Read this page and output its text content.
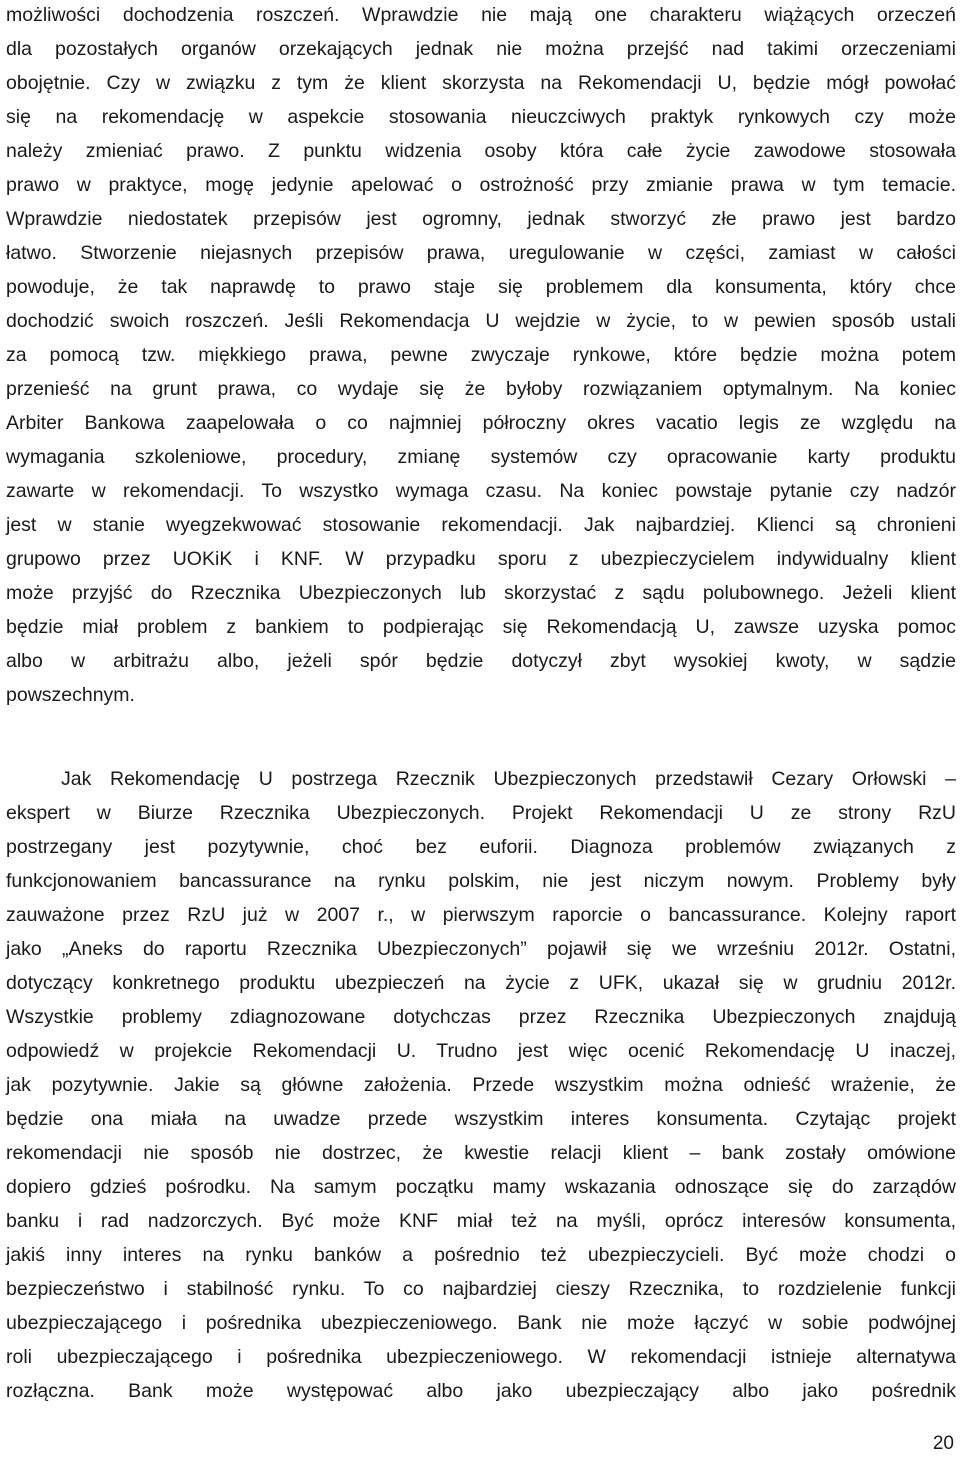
możliwości dochodzenia roszczeń. Wprawdzie nie mają one charakteru wiążących orzeczeń
dla pozostałych organów orzekających jednak nie można przejść nad takimi orzeczeniami
obojętnie. Czy w związku z tym że klient skorzysta na Rekomendacji U, będzie mógł powołać
się na rekomendację w aspekcie stosowania nieuczciwych praktyk rynkowych czy może
należy zmieniać prawo. Z punktu widzenia osoby która całe życie zawodowe stosowała
prawo w praktyce, mogę jedynie apelować o ostrożność przy zmianie prawa w tym temacie.
Wprawdzie niedostatek przepisów jest ogromny, jednak stworzyć złe prawo jest bardzo
łatwo. Stworzenie niejasnych przepisów prawa, uregulowanie w części, zamiast w całości
powoduje, że tak naprawdę to prawo staje się problemem dla konsumenta, który chce
dochodzić swoich roszczeń. Jeśli Rekomendacja U wejdzie w życie, to w pewien sposób ustali
za pomocą tzw. miękkiego prawa, pewne zwyczaje rynkowe, które będzie można potem
przenieść na grunt prawa, co wydaje się że byłoby rozwiązaniem optymalnym. Na koniec
Arbiter Bankowa zaapelowała o co najmniej półroczny okres vacatio legis ze względu na
wymagania szkoleniowe, procedury, zmianę systemów czy opracowanie karty produktu
zawarte w rekomendacji. To wszystko wymaga czasu. Na koniec powstaje pytanie czy nadzór
jest w stanie wyegzekwować stosowanie rekomendacji. Jak najbardziej. Klienci są chronieni
grupowo przez UOKiK i KNF. W przypadku sporu z ubezpieczycielem indywidualny klient
może przyjść do Rzecznika Ubezpieczonych lub skorzystać z sądu polubownego. Jeżeli klient
będzie miał problem z bankiem to podpierając się Rekomendacją U, zawsze uzyska pomoc
albo w arbitrażu albo, jeżeli spór będzie dotyczył zbyt wysokiej kwoty, w sądzie
powszechnym.

Jak Rekomendację U postrzega Rzecznik Ubezpieczonych przedstawił Cezary Orłowski –
ekspert w Biurze Rzecznika Ubezpieczonych. Projekt Rekomendacji U ze strony RzU
postrzegany jest pozytywnie, choć bez euforii. Diagnoza problemów związanych z
funkcjonowaniem bancassurance na rynku polskim, nie jest niczym nowym. Problemy były
zauważone przez RzU już w 2007 r., w pierwszym raporcie o bancassurance. Kolejny raport
jako „Aneks do raportu Rzecznika Ubezpieczonych” pojawił się we wrześniu 2012r. Ostatni,
dotyczący konkretnego produktu ubezpieczeń na życie z UFK, ukazał się w grudniu 2012r.
Wszystkie problemy zdiagnozowane dotychczas przez Rzecznika Ubezpieczonych znajdują
odpowiedź w projekcie Rekomendacji U. Trudno jest więc ocenić Rekomendację U inaczej,
jak pozytywnie. Jakie są główne założenia. Przede wszystkim można odnieść wrażenie, że
będzie ona miała na uwadze przede wszystkim interes konsumenta. Czytając projekt
rekomendacji nie sposób nie dostrzec, że kwestie relacji klient – bank zostały omówione
dopiero gdzieś pośrodku. Na samym początku mamy wskazania odnoszące się do zarządów
banku i rad nadzorczych. Być może KNF miał też na myśli, oprócz interesów konsumenta,
jakiś inny interes na rynku banków a pośrednio też ubezpieczycieli. Być może chodzi o
bezpieczeństwo i stabilność rynku. To co najbardziej cieszy Rzecznika, to rozdzielenie funkcji
ubezpieczającego i pośrednika ubezpieczeniowego. Bank nie może łączyć w sobie podwójnej
roli ubezpieczającego i pośrednika ubezpieczeniowego. W rekomendacji istnieje alternatywa
rozłączna. Bank może występować albo jako ubezpieczający albo jako pośrednik

20
